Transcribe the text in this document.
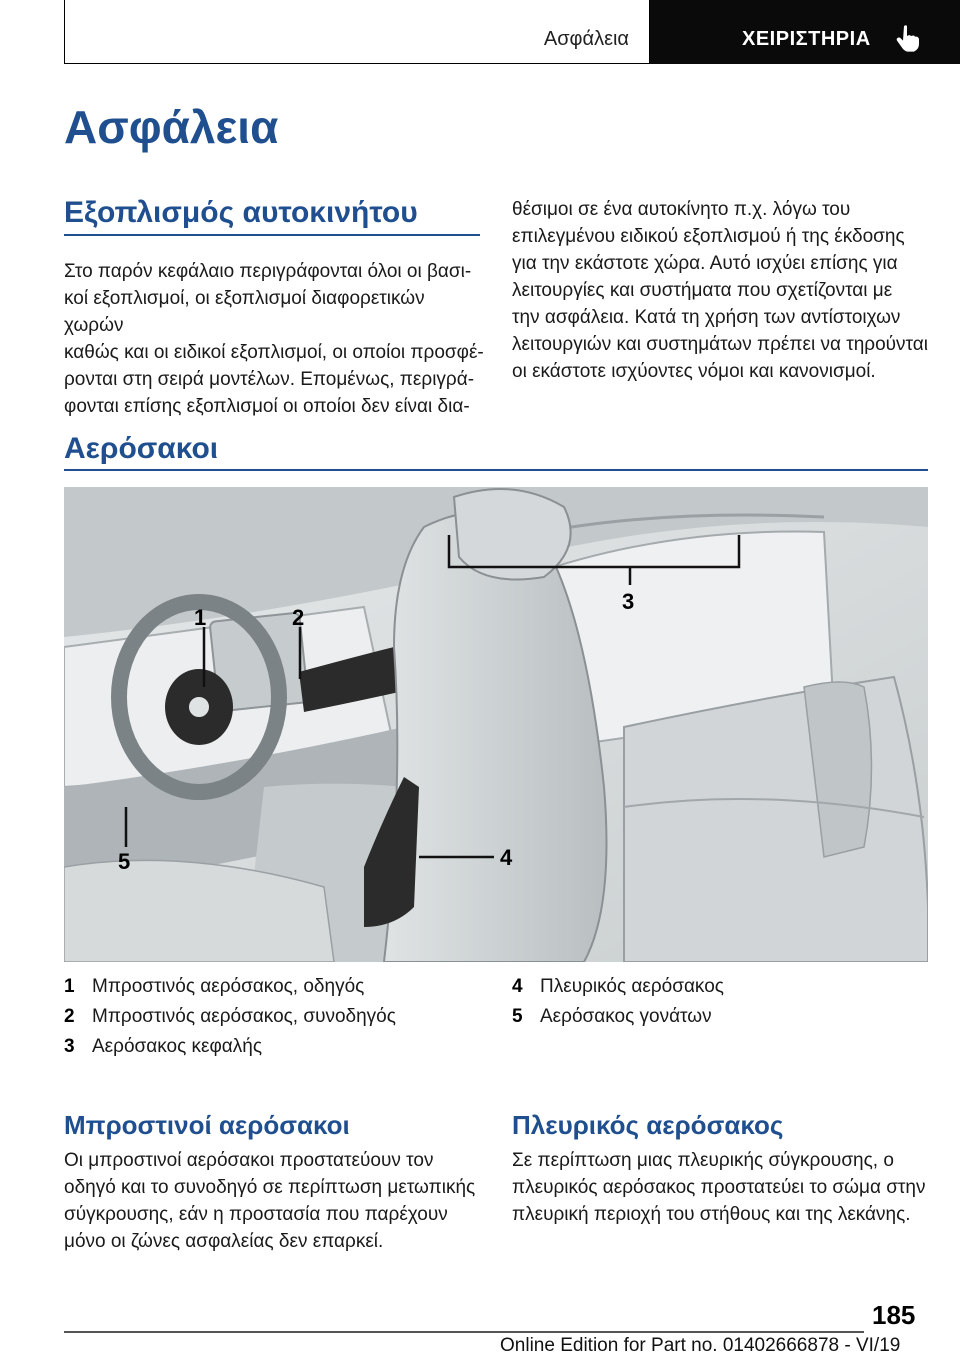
Ασφάλεια	ΧΕΙΡΙΣΤΗΡΙΑ
Ασφάλεια
Εξοπλισμός αυτοκινήτου
Στο παρόν κεφάλαιο περιγράφονται όλοι οι βασι‐
κοί εξοπλισμοί, οι εξοπλισμοί διαφορετικών χωρών
καθώς και οι ειδικοί εξοπλισμοί, οι οποίοι προσφέ‐
ρονται στη σειρά μοντέλων. Επομένως, περιγρά‐
φονται επίσης εξοπλισμοί οι οποίοι δεν είναι δια‐
θέσιμοι σε ένα αυτοκίνητο π.χ. λόγω του
επιλεγμένου ειδικού εξοπλισμού ή της έκδοσης
για την εκάστοτε χώρα. Αυτό ισχύει επίσης για
λειτουργίες και συστήματα που σχετίζονται με
την ασφάλεια. Κατά τη χρήση των αντίστοιχων
λειτουργιών και συστημάτων πρέπει να τηρούνται
οι εκάστοτε ισχύοντες νόμοι και κανονισμοί.
Αερόσακοι
1	2
3
4
5
1 Μπροστινός αερόσακος, οδηγός
2 Μπροστινός αερόσακος, συνοδηγός
3 Αερόσακος κεφαλής
4 Πλευρικός αερόσακος
5 Αερόσακος γονάτων
Μπροστινοί αερόσακοι
Οι μπροστινοί αερόσακοι προστατεύουν τον
οδηγό και το συνοδηγό σε περίπτωση μετωπικής
σύγκρουσης, εάν η προστασία που παρέχουν
μόνο οι ζώνες ασφαλείας δεν επαρκεί.
Πλευρικός αερόσακος
Σε περίπτωση μιας πλευρικής σύγκρουσης, ο
πλευρικός αερόσακος προστατεύει το σώμα στην
πλευρική περιοχή του στήθους και της λεκάνης.
185
Online Edition for Part no. 01402666878 - VI/19
